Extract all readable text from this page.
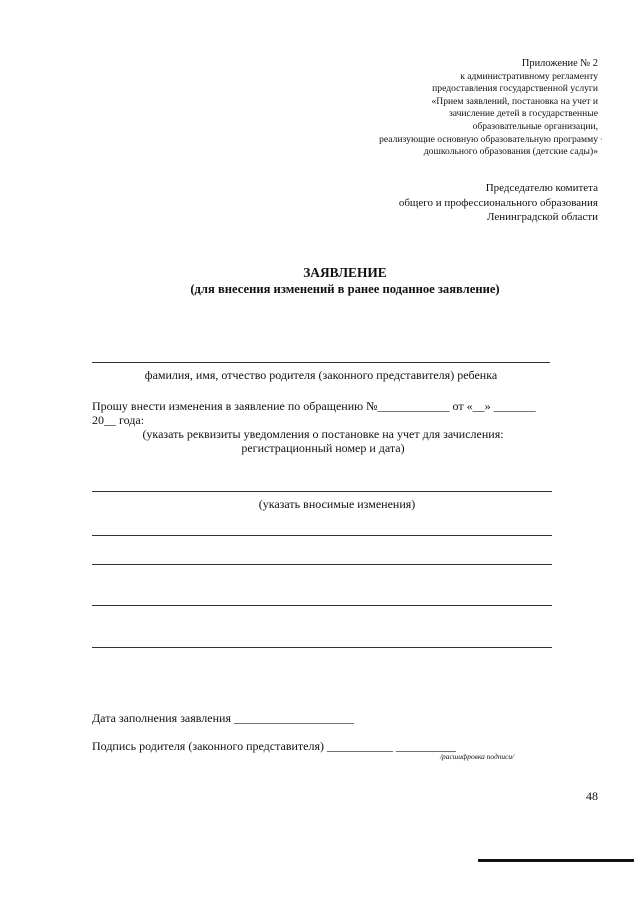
Приложение № 2
к административному регламенту
предоставления государственной услуги
«Прием заявлений, постановка на учет и
зачисление детей в государственные
образовательные организации,
реализующие основную образовательную программу
дошкольного образования (детские сады)»
·
Председателю комитета
общего и профессионального образования
Ленинградской области
ЗАЯВЛЕНИЕ
(для внесения изменений в ранее поданное заявление)
фамилия, имя, отчество родителя (законного представителя) ребенка
Прошу внести изменения в заявление по обращению №____________ от «__» _______
20__ года:
(указать реквизиты уведомления о постановке на учет для зачисления:
регистрационный номер и дата)
(указать вносимые изменения)
Дата заполнения заявления ____________________
Подпись родителя (законного представителя) ___________ __________
/расшифровка подписи/
48
